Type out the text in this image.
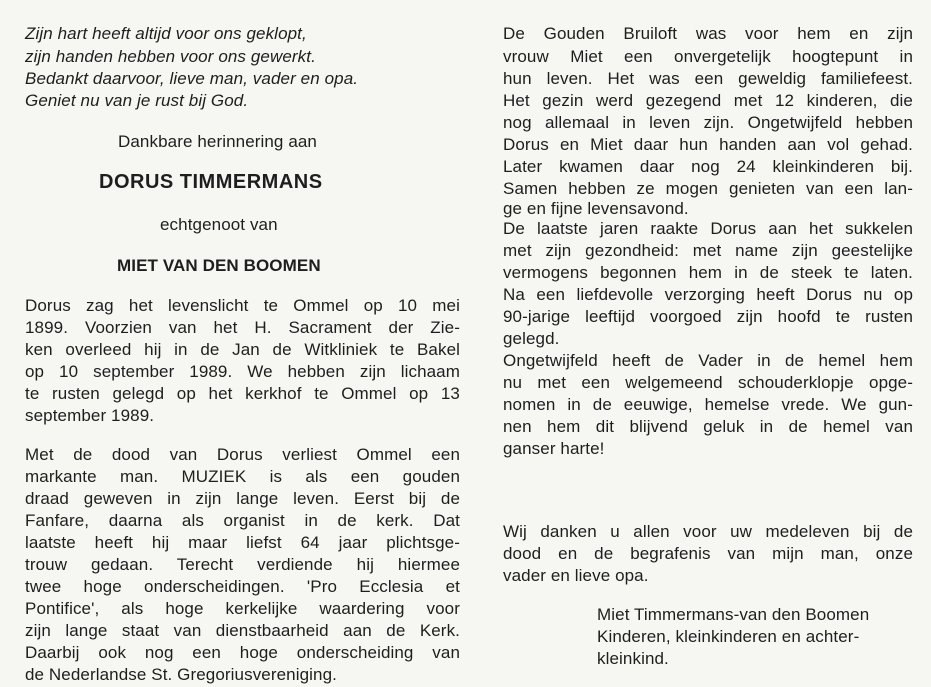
Zijn hart heeft altijd voor ons geklopt,
zijn handen hebben voor ons gewerkt.
Bedankt daarvoor, lieve man, vader en opa.
Geniet nu van je rust bij God.
Dankbare herinnering aan
DORUS TIMMERMANS
echtgenoot van
MIET VAN DEN BOOMEN
Dorus zag het levenslicht te Ommel op 10 mei
1899. Voorzien van het H. Sacrament der Zie-
ken overleed hij in de Jan de Witkliniek te Bakel
op 10 september 1989. We hebben zijn lichaam
te rusten gelegd op het kerkhof te Ommel op 13
september 1989.
Met de dood van Dorus verliest Ommel een
markante man. MUZIEK is als een gouden
draad geweven in zijn lange leven. Eerst bij de
Fanfare, daarna als organist in de kerk. Dat
laatste heeft hij maar liefst 64 jaar plichtsge-
trouw gedaan. Terecht verdiende hij hiermee
twee hoge onderscheidingen. 'Pro Ecclesia et
Pontifice', als hoge kerkelijke waardering voor
zijn lange staat van dienstbaarheid aan de Kerk.
Daarbij ook nog een hoge onderscheiding van
de Nederlandse St. Gregoriusvereniging.
De Gouden Bruiloft was voor hem en zijn
vrouw Miet een onvergetelijk hoogtepunt in
hun leven. Het was een geweldig familiefeest.
Het gezin werd gezegend met 12 kinderen, die
nog allemaal in leven zijn. Ongetwijfeld hebben
Dorus en Miet daar hun handen aan vol gehad.
Later kwamen daar nog 24 kleinkinderen bij.
Samen hebben ze mogen genieten van een lan-
ge en fijne levensavond.
De laatste jaren raakte Dorus aan het sukkelen
met zijn gezondheid: met name zijn geestelijke
vermogens begonnen hem in de steek te laten.
Na een liefdevolle verzorging heeft Dorus nu op
90-jarige leeftijd voorgoed zijn hoofd te rusten
gelegd.
Ongetwijfeld heeft de Vader in de hemel hem
nu met een welgemeend schouderklopje opge-
nomen in de eeuwige, hemelse vrede. We gun-
nen hem dit blijvend geluk in de hemel van
ganser harte!
Wij danken u allen voor uw medeleven bij de
dood en de begrafenis van mijn man, onze
vader en lieve opa.
Miet Timmermans-van den Boomen
Kinderen, kleinkinderen en achter-
kleinkind.
